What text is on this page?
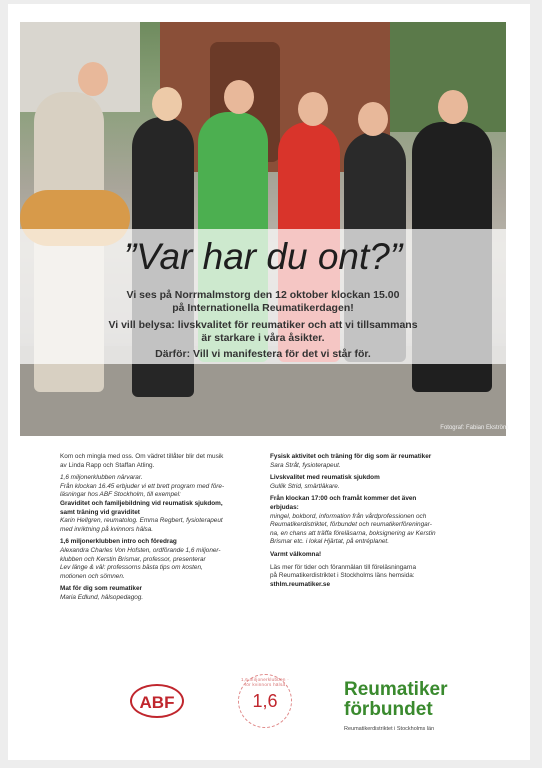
”Var har du ont?”
Vi ses på Norrmalmstorg den 12 oktober klockan 15.00
på Internationella Reumatikerdagen!
Vi vill belysa: livskvalitet för reumatiker och att vi tillsammans
är starkare i våra åsikter.
Därför: Vill vi manifestera för det vi står för.
Fotograf: Fabian Ekström

Kom och mingla med oss. Om vädret tillåter blir det musik

av Linda Rapp och Staffan Atling.

1,6 miljonerklubben närvarar.

Från klockan 16.45 erbjuder vi ett brett program med före-

läsningar hos ABF Stockholm, till exempel:

Graviditet och familjebildning vid reumatisk sjukdom,

samt träning vid graviditet

Karin Hellgren, reumatolog. Emma Regbert, fysioterapeut

med inriktning på kvinnors hälsa.

1,6 miljonerklubben intro och föredrag

Alexandra Charles Von Hofsten, ordförande 1,6 miljoner-

klubben och Kerstin Brismar, professor, presenterar

Lev länge & väl: professorns bästa tips om kosten,

motionen och sömnen.

Mat för dig som reumatiker

Maria Edlund, hälsopedagog.

Fysisk aktivitet och träning för dig som är reumatiker

Sara Stråt, fysioterapeut.

Livskvalitet med reumatisk sjukdom

Gullik Strid, smärtläkare.

Från klockan 17:00 och framåt kommer det även

erbjudas:

mingel, bokbord, information från vårdprofessionen och

Reumatikerdistriktet, förbundet och reumatikerföreningar-

na, en chans att träffa föreläsarna, boksignering av Kerstin

Brismar etc. i lokal Hjärtat, på entréplanet.

Varmt välkomna!

Läs mer för tider och föranmälan till föreläsningarna

på Reumatikerdistriktet i Stockholms läns hemsida:

sthlm.reumatiker.se

ABF
1,6 miljonerklubben · för kvinnors hälsa
1,6
Reumatiker
förbundet
Reumatikerdistriktet i Stockholms län
